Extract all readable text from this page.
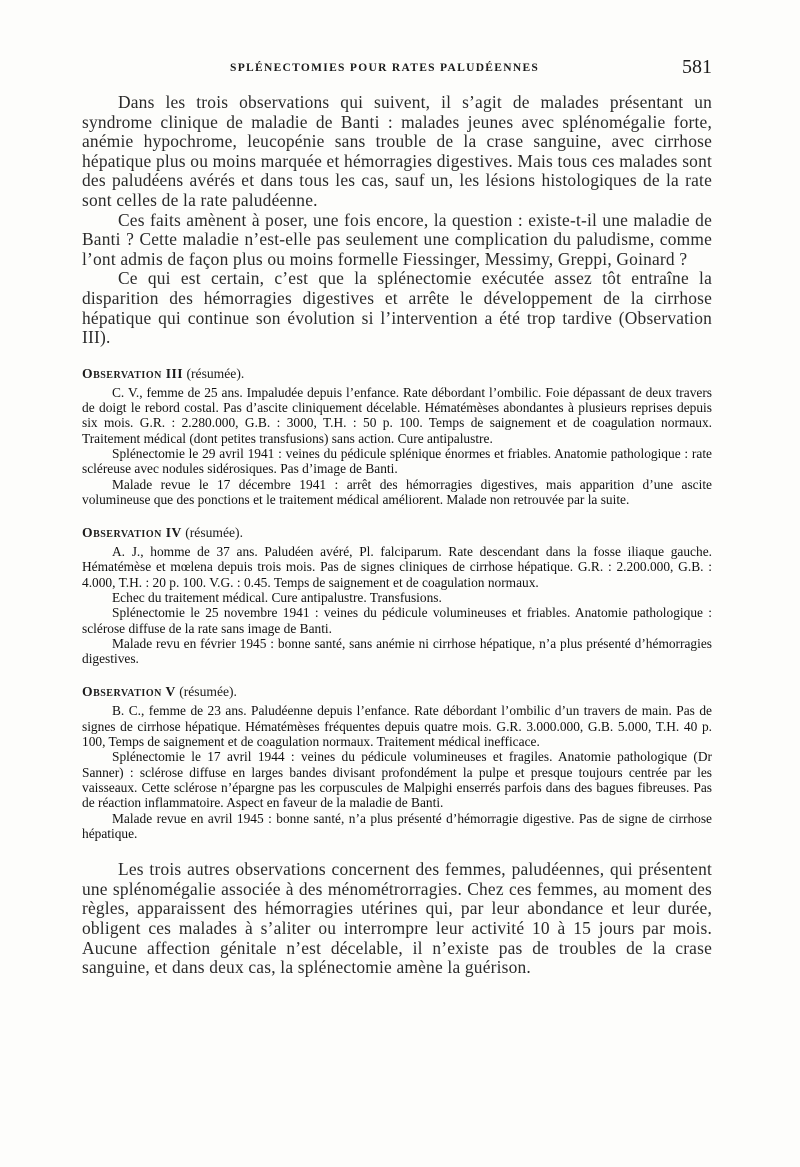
SPLÉNECTOMIES POUR RATES PALUDÉENNES	581

Dans les trois observations qui suivent, il s’agit de malades présentant un syndrome clinique de maladie de Banti : malades jeunes avec splénomégalie forte, anémie hypochrome, leucopénie sans trouble de la crase sanguine, avec cirrhose hépatique plus ou moins marquée et hémorragies digestives. Mais tous ces malades sont des paludéens avérés et dans tous les cas, sauf un, les lésions histologiques de la rate sont celles de la rate paludéenne.

Ces faits amènent à poser, une fois encore, la question : existe-t-il une maladie de Banti ? Cette maladie n’est-elle pas seulement une complication du paludisme, comme l’ont admis de façon plus ou moins formelle Fiessinger, Messimy, Greppi, Goinard ?

Ce qui est certain, c’est que la splénectomie exécutée assez tôt entraîne la disparition des hémorragies digestives et arrête le développement de la cirrhose hépatique qui continue son évolution si l’intervention a été trop tardive (Observation III).

Observation III (résumée).

C. V., femme de 25 ans. Impaludée depuis l’enfance. Rate débordant l’ombilic. Foie dépassant de deux travers de doigt le rebord costal. Pas d’ascite cliniquement décelable. Hématémèses abondantes à plusieurs reprises depuis six mois. G.R. : 2.280.000, G.B. : 3000, T.H. : 50 p. 100. Temps de saignement et de coagulation normaux. Traitement médical (dont petites transfusions) sans action. Cure antipalustre.

Splénectomie le 29 avril 1941 : veines du pédicule splénique énormes et friables. Anatomie pathologique : rate scléreuse avec nodules sidérosiques. Pas d’image de Banti.

Malade revue le 17 décembre 1941 : arrêt des hémorragies digestives, mais apparition d’une ascite volumineuse que des ponctions et le traitement médical améliorent. Malade non retrouvée par la suite.

Observation IV (résumée).

A. J., homme de 37 ans. Paludéen avéré, Pl. falciparum. Rate descendant dans la fosse iliaque gauche. Hématémèse et mœlena depuis trois mois. Pas de signes cliniques de cirrhose hépatique. G.R. : 2.200.000, G.B. : 4.000, T.H. : 20 p. 100. V.G. : 0.45. Temps de saignement et de coagulation normaux.

Echec du traitement médical. Cure antipalustre. Transfusions.

Splénectomie le 25 novembre 1941 : veines du pédicule volumineuses et friables. Anatomie pathologique : sclérose diffuse de la rate sans image de Banti.

Malade revu en février 1945 : bonne santé, sans anémie ni cirrhose hépatique, n’a plus présenté d’hémorragies digestives.

Observation V (résumée).

B. C., femme de 23 ans. Paludéenne depuis l’enfance. Rate débordant l’ombilic d’un travers de main. Pas de signes de cirrhose hépatique. Hématémèses fréquentes depuis quatre mois. G.R. 3.000.000, G.B. 5.000, T.H. 40 p. 100, Temps de saignement et de coagulation normaux. Traitement médical inefficace.

Splénectomie le 17 avril 1944 : veines du pédicule volumineuses et fragiles. Anatomie pathologique (Dr Sanner) : sclérose diffuse en larges bandes divisant profondément la pulpe et presque toujours centrée par les vaisseaux. Cette sclérose n’épargne pas les corpuscules de Malpighi enserrés parfois dans des bagues fibreuses. Pas de réaction inflammatoire. Aspect en faveur de la maladie de Banti.

Malade revue en avril 1945 : bonne santé, n’a plus présenté d’hémorragie digestive. Pas de signe de cirrhose hépatique.

Les trois autres observations concernent des femmes, paludéennes, qui présentent une splénomégalie associée à des ménométrorragies. Chez ces femmes, au moment des règles, apparaissent des hémorragies utérines qui, par leur abondance et leur durée, obligent ces malades à s’aliter ou interrompre leur activité 10 à 15 jours par mois. Aucune affection génitale n’est décelable, il n’existe pas de troubles de la crase sanguine, et dans deux cas, la splénectomie amène la guérison.
